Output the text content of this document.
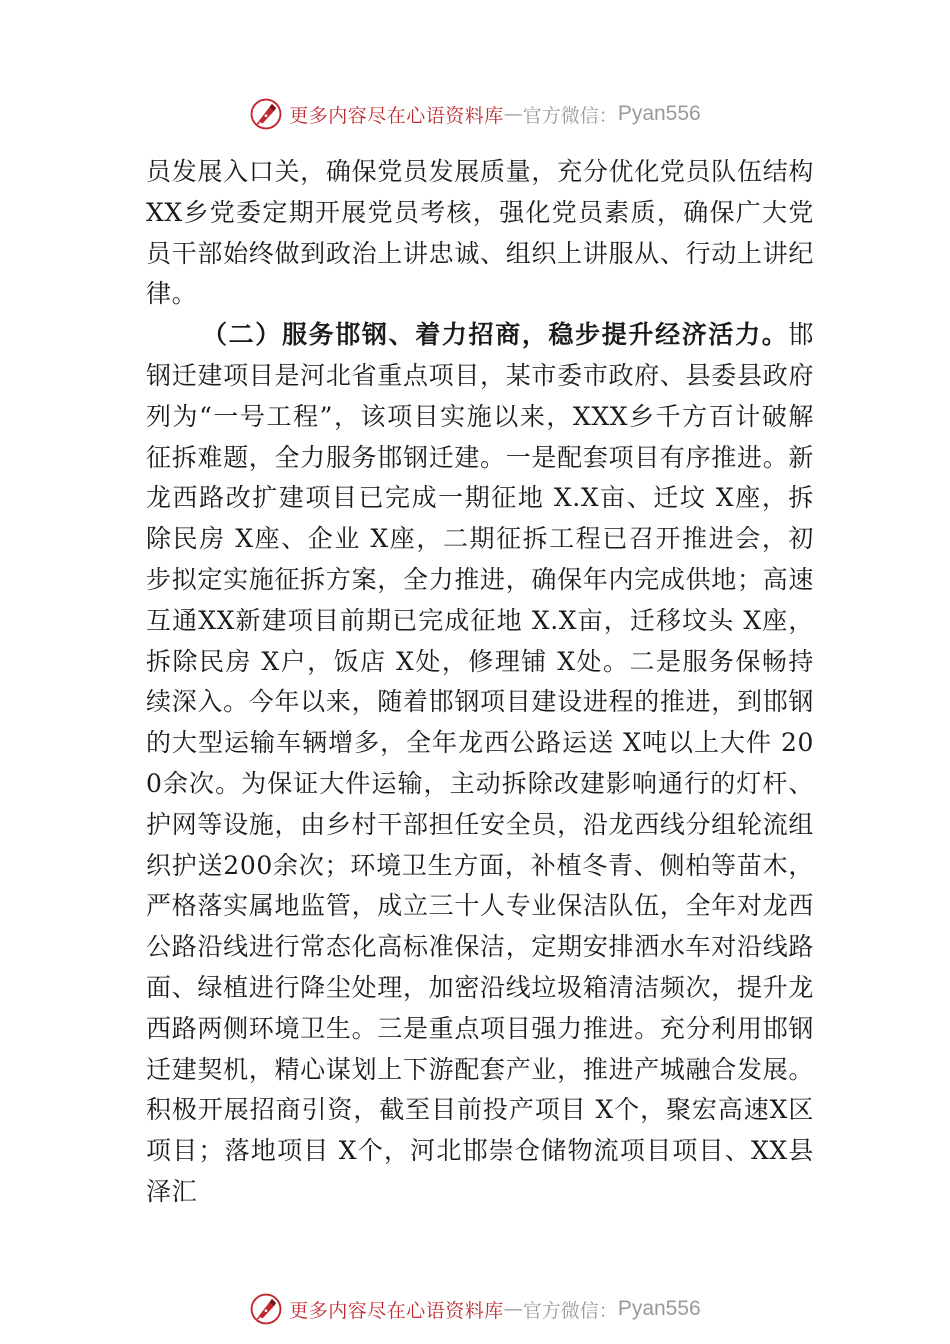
更多内容尽在心语资料库 — 官方微信： Pyan556

员发展入口关，确保党员发展质量，充分优化党员队伍结构XX乡党委定期开展党员考核，强化党员素质，确保广大党员干部始终做到政治上讲忠诚、组织上讲服从、行动上讲纪律。

（二）服务邯钢、着力招商，稳步提升经济活力。邯钢迁建项目是河北省重点项目，某市委市政府、县委县政府列为“一号工程”，该项目实施以来，XXX乡千方百计破解征拆难题，全力服务邯钢迁建。一是配套项目有序推进。新龙西路改扩建项目已完成一期征地 X.X亩、迁坟 X座，拆除民房 X座、企业 X座，二期征拆工程已召开推进会，初步拟定实施征拆方案，全力推进，确保年内完成供地；高速互通XX新建项目前期已完成征地 X.X亩，迁移坟头 X座，拆除民房 X户，饭店 X处，修理铺 X处。二是服务保畅持续深入。今年以来，随着邯钢项目建设进程的推进，到邯钢的大型运输车辆增多，全年龙西公路运送 X吨以上大件 200余次。为保证大件运输，主动拆除改建影响通行的灯杆、护网等设施，由乡村干部担任安全员，沿龙西线分组轮流组织护送200余次；环境卫生方面，补植冬青、侧柏等苗木，严格落实属地监管，成立三十人专业保洁队伍，全年对龙西公路沿线进行常态化高标准保洁，定期安排洒水车对沿线路面、绿植进行降尘处理，加密沿线垃圾箱清洁频次，提升龙西路两侧环境卫生。三是重点项目强力推进。充分利用邯钢迁建契机，精心谋划上下游配套产业，推进产城融合发展。积极开展招商引资，截至目前投产项目 X个，聚宏高速X区项目；落地项目 X个，河北邯崇仓储物流项目项目、XX县泽汇

更多内容尽在心语资料库 — 官方微信： Pyan556
